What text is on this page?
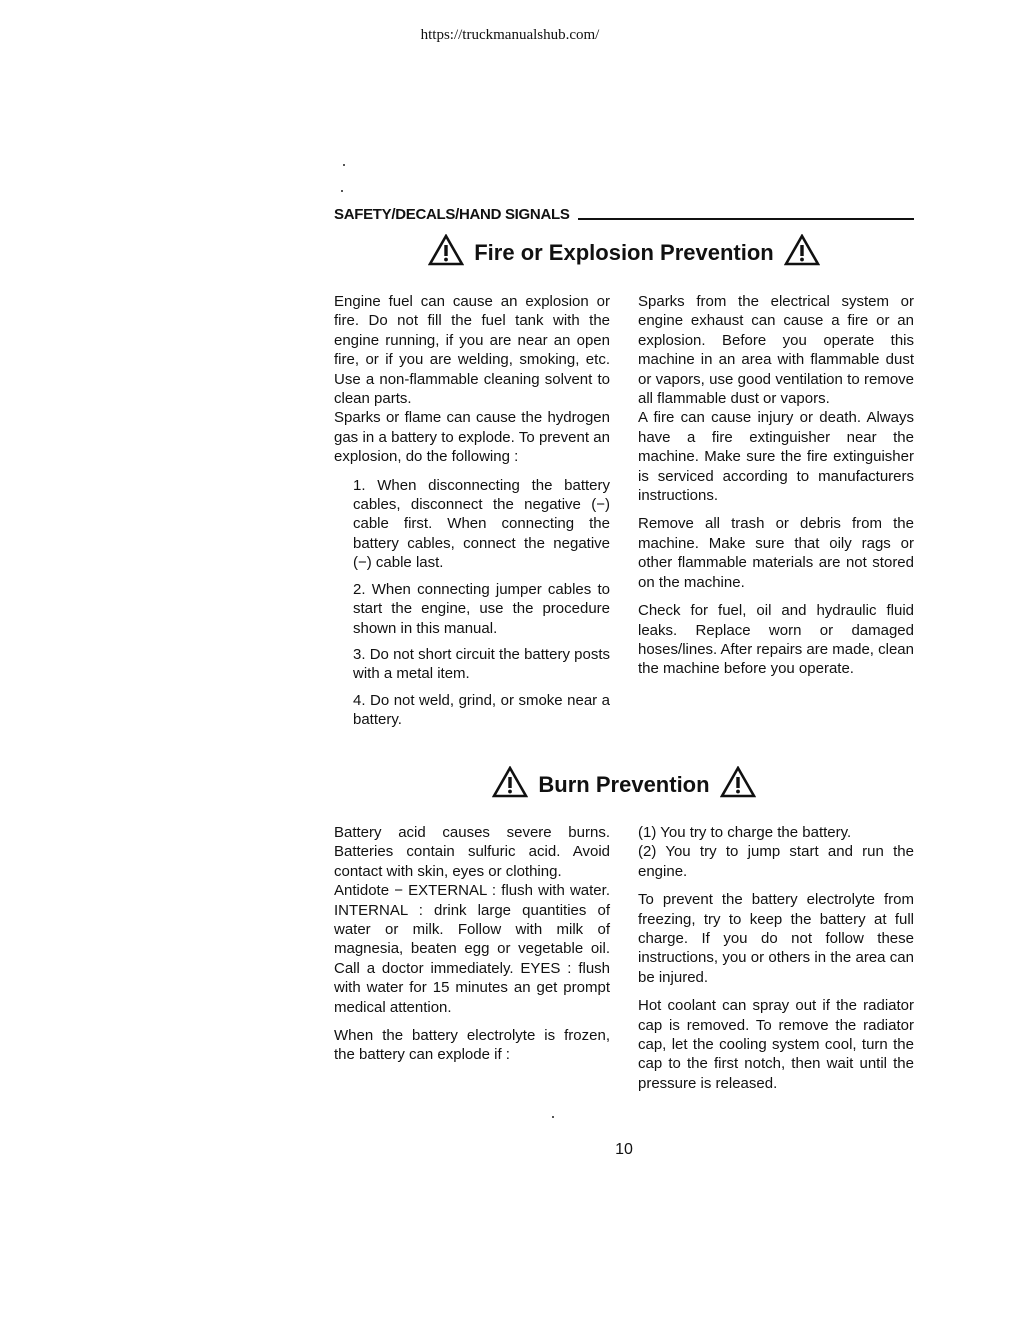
https://truckmanualshub.com/
SAFETY/DECALS/HAND SIGNALS
Fire or Explosion Prevention

Engine fuel can cause an explosion or fire. Do not fill the fuel tank with the engine running, if you are near an open fire, or if you are welding, smoking, etc. Use a non-flammable cleaning solvent to clean parts.

Sparks or flame can cause the hydrogen gas in a battery to explode. To prevent an explosion, do the following :

1. When disconnecting the battery cables, disconnect the negative (−) cable first. When connecting the battery cables, connect the negative (−) cable last.
2. When connecting jumper cables to start the engine, use the procedure shown in this manual.
3. Do not short circuit the battery posts with a metal item.
4. Do not weld, grind, or smoke near a battery.

Sparks from the electrical system or engine exhaust can cause a fire or an explosion. Before you operate this machine in an area with flammable dust or vapors, use good ventilation to remove all flammable dust or vapors.

A fire can cause injury or death. Always have a fire extinguisher near the machine. Make sure the fire extinguisher is serviced according to manufacturers instructions.

Remove all trash or debris from the machine. Make sure that oily rags or other flammable materials are not stored on the machine.

Check for fuel, oil and hydraulic fluid leaks. Replace worn or damaged hoses/lines. After repairs are made, clean the machine before you operate.

Burn Prevention

Battery acid causes severe burns. Batteries contain sulfuric acid. Avoid contact with skin, eyes or clothing.

Antidote − EXTERNAL : flush with water. INTERNAL : drink large quantities of water or milk. Follow with milk of magnesia, beaten egg or vegetable oil. Call a doctor immediately. EYES : flush with water for 15 minutes an get prompt medical attention.

When the battery electrolyte is frozen, the battery can explode if :

(1) You try to charge the battery.

(2) You try to jump start and run the engine.

To prevent the battery electrolyte from freezing, try to keep the battery at full charge. If you do not follow these instructions, you or others in the area can be injured.

Hot coolant can spray out if the radiator cap is removed. To remove the radiator cap, let the cooling system cool, turn the cap to the first notch, then wait until the pressure is released.

10
